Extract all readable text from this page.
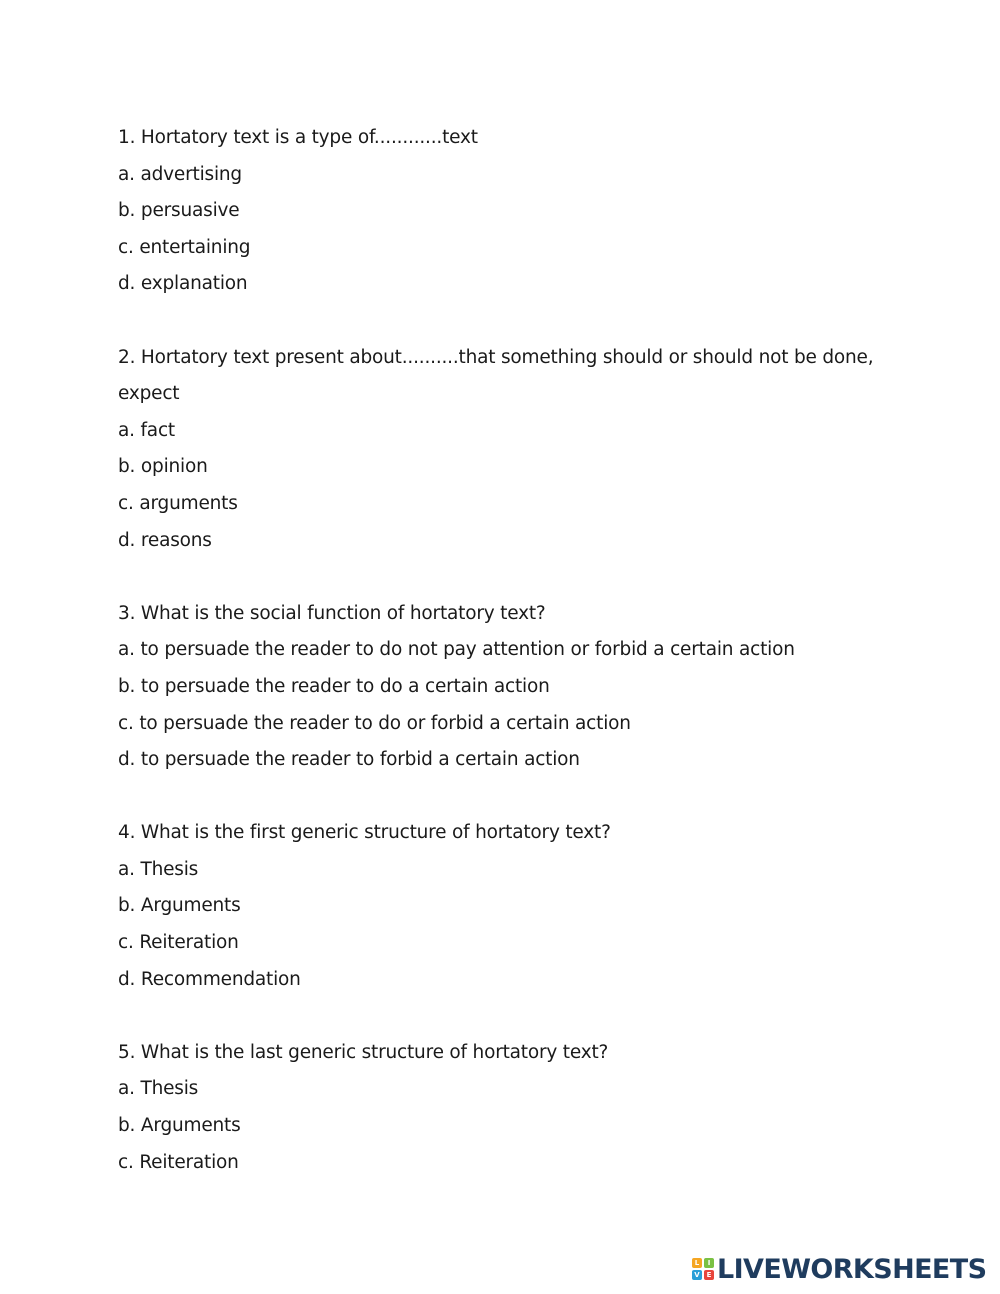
1. Hortatory text is a type of............text
a. advertising
b. persuasive
c. entertaining
d. explanation
2. Hortatory text present about..........that something should or should not be done,
expect
a. fact
b. opinion
c. arguments
d. reasons
3. What is the social function of hortatory text?
a. to persuade the reader to do not pay attention or forbid a certain action
b. to persuade the reader to do a certain action
c. to persuade the reader to do or forbid a certain action
d. to persuade the reader to forbid a certain action
4. What is the first generic structure of hortatory text?
a. Thesis
b. Arguments
c. Reiteration
d. Recommendation
5. What is the last generic structure of hortatory text?
a. Thesis
b. Arguments
c. Reiteration
L	I
V E LIVEWORKSHEETS
